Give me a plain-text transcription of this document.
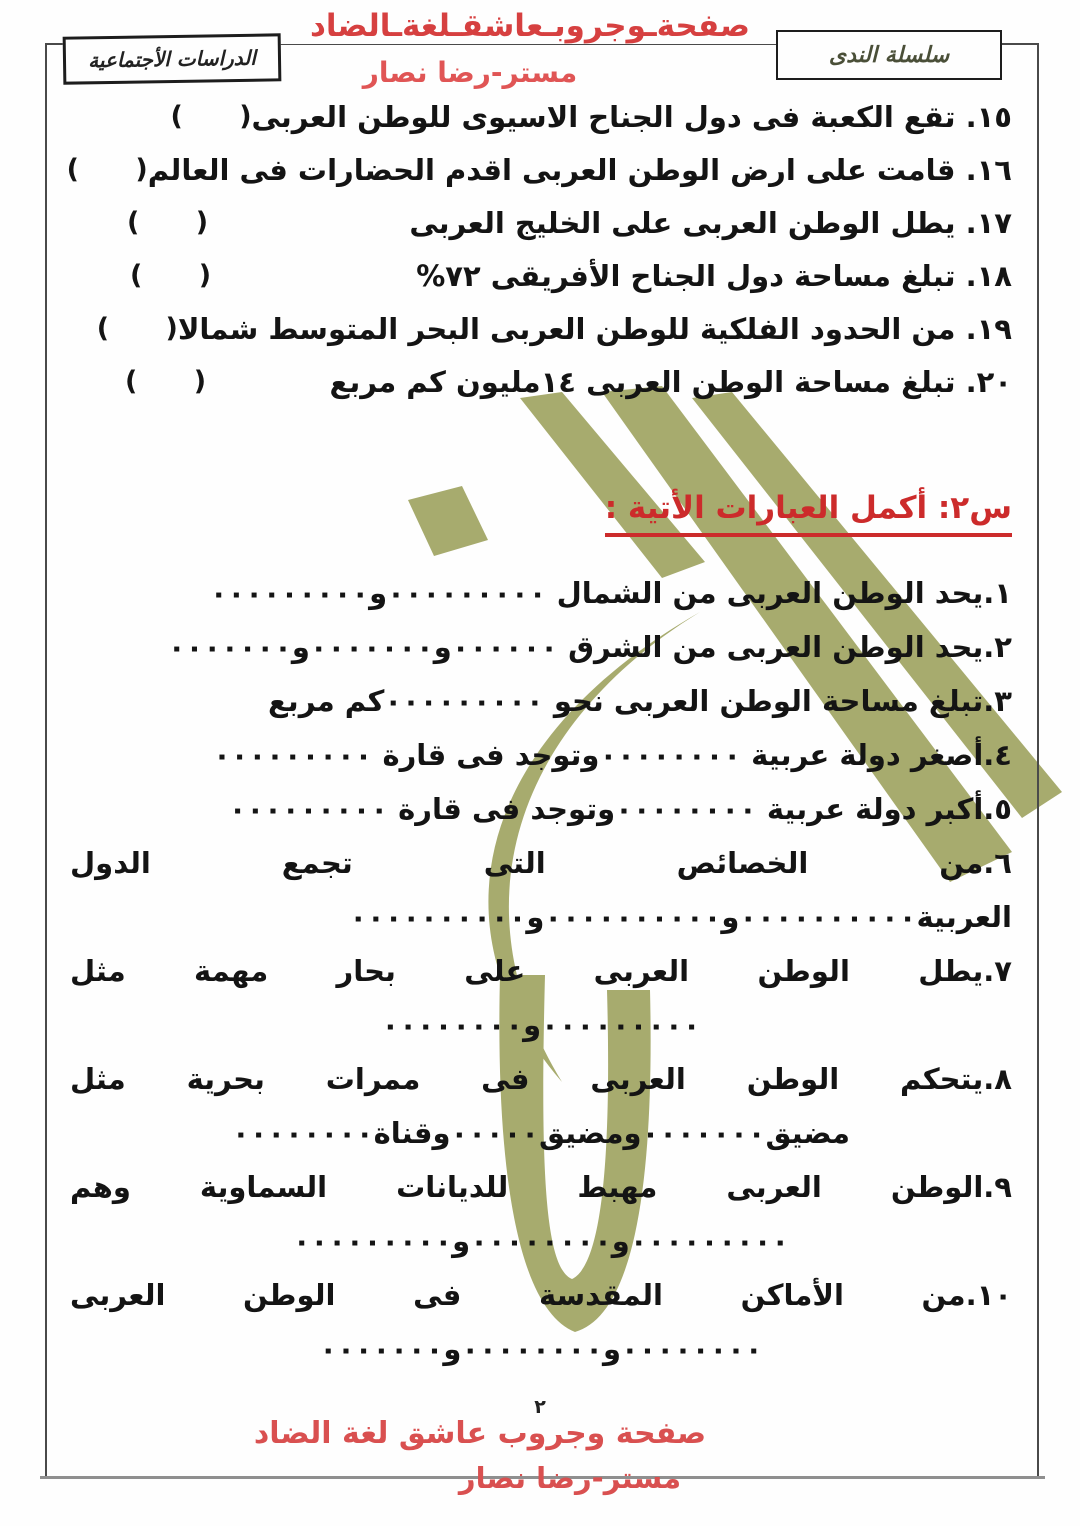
صفحةـوجروبـعاشقـلغةـالضاد
مستر-رضا نصار
الدراسات الأجتماعية	سلسلة الندى
١٥. تقع الكعبة فى دول الجناح الاسيوى للوطن العربى
(      )
١٦. قامت على ارض الوطن العربى اقدم الحضارات فى العالم
(      )
١٧. يطل الوطن العربى على الخليج العربى
(      )
١٨. تبلغ مساحة دول الجناح الأفريقى ٧٢%
(      )
١٩. من الحدود الفلكية للوطن العربى البحر المتوسط شمالا
(      )
٢٠. تبلغ مساحة الوطن العربى ١٤مليون كم مربع
(      )
س٢: أكمل العبارات الأتية :
١.يحد الوطن العربى من الشمال ٠٠٠٠٠٠٠٠٠و٠٠٠٠٠٠٠٠٠
٢.يحد الوطن العربى من الشرق ٠٠٠٠٠٠و٠٠٠٠٠٠٠و٠٠٠٠٠٠٠
٣.تبلغ مساحة الوطن العربى نحو ٠٠٠٠٠٠٠٠٠كم مربع
٤.أصغر دولة عربية ٠٠٠٠٠٠٠٠وتوجد فى قارة ٠٠٠٠٠٠٠٠٠
٥.أكبر دولة عربية ٠٠٠٠٠٠٠٠وتوجد فى قارة ٠٠٠٠٠٠٠٠٠
٦.من الخصائص التى تجمع الدول
العربية٠٠٠٠٠٠٠٠٠٠و٠٠٠٠٠٠٠٠٠٠و٠٠٠٠٠٠٠٠٠٠
٧.يطل الوطن العربى على بحار مهمة مثل
٠٠٠٠٠٠٠٠٠و٠٠٠٠٠٠٠٠
٨.يتحكم الوطن العربى فى ممرات بحرية مثل
مضيق٠٠٠٠٠٠٠ومضيق٠٠٠٠٠وقناة٠٠٠٠٠٠٠٠
٩.الوطن العربى مهبط للديانات السماوية وهم
٠٠٠٠٠٠٠٠٠و٠٠٠٠٠٠٠٠و٠٠٠٠٠٠٠٠٠
١٠.من الأماكن المقدسة فى الوطن العربى
٠٠٠٠٠٠٠٠و٠٠٠٠٠٠٠٠و٠٠٠٠٠٠٠
٢
صفحة وجروب عاشق لغة الضاد
مستر-رضا نصار
